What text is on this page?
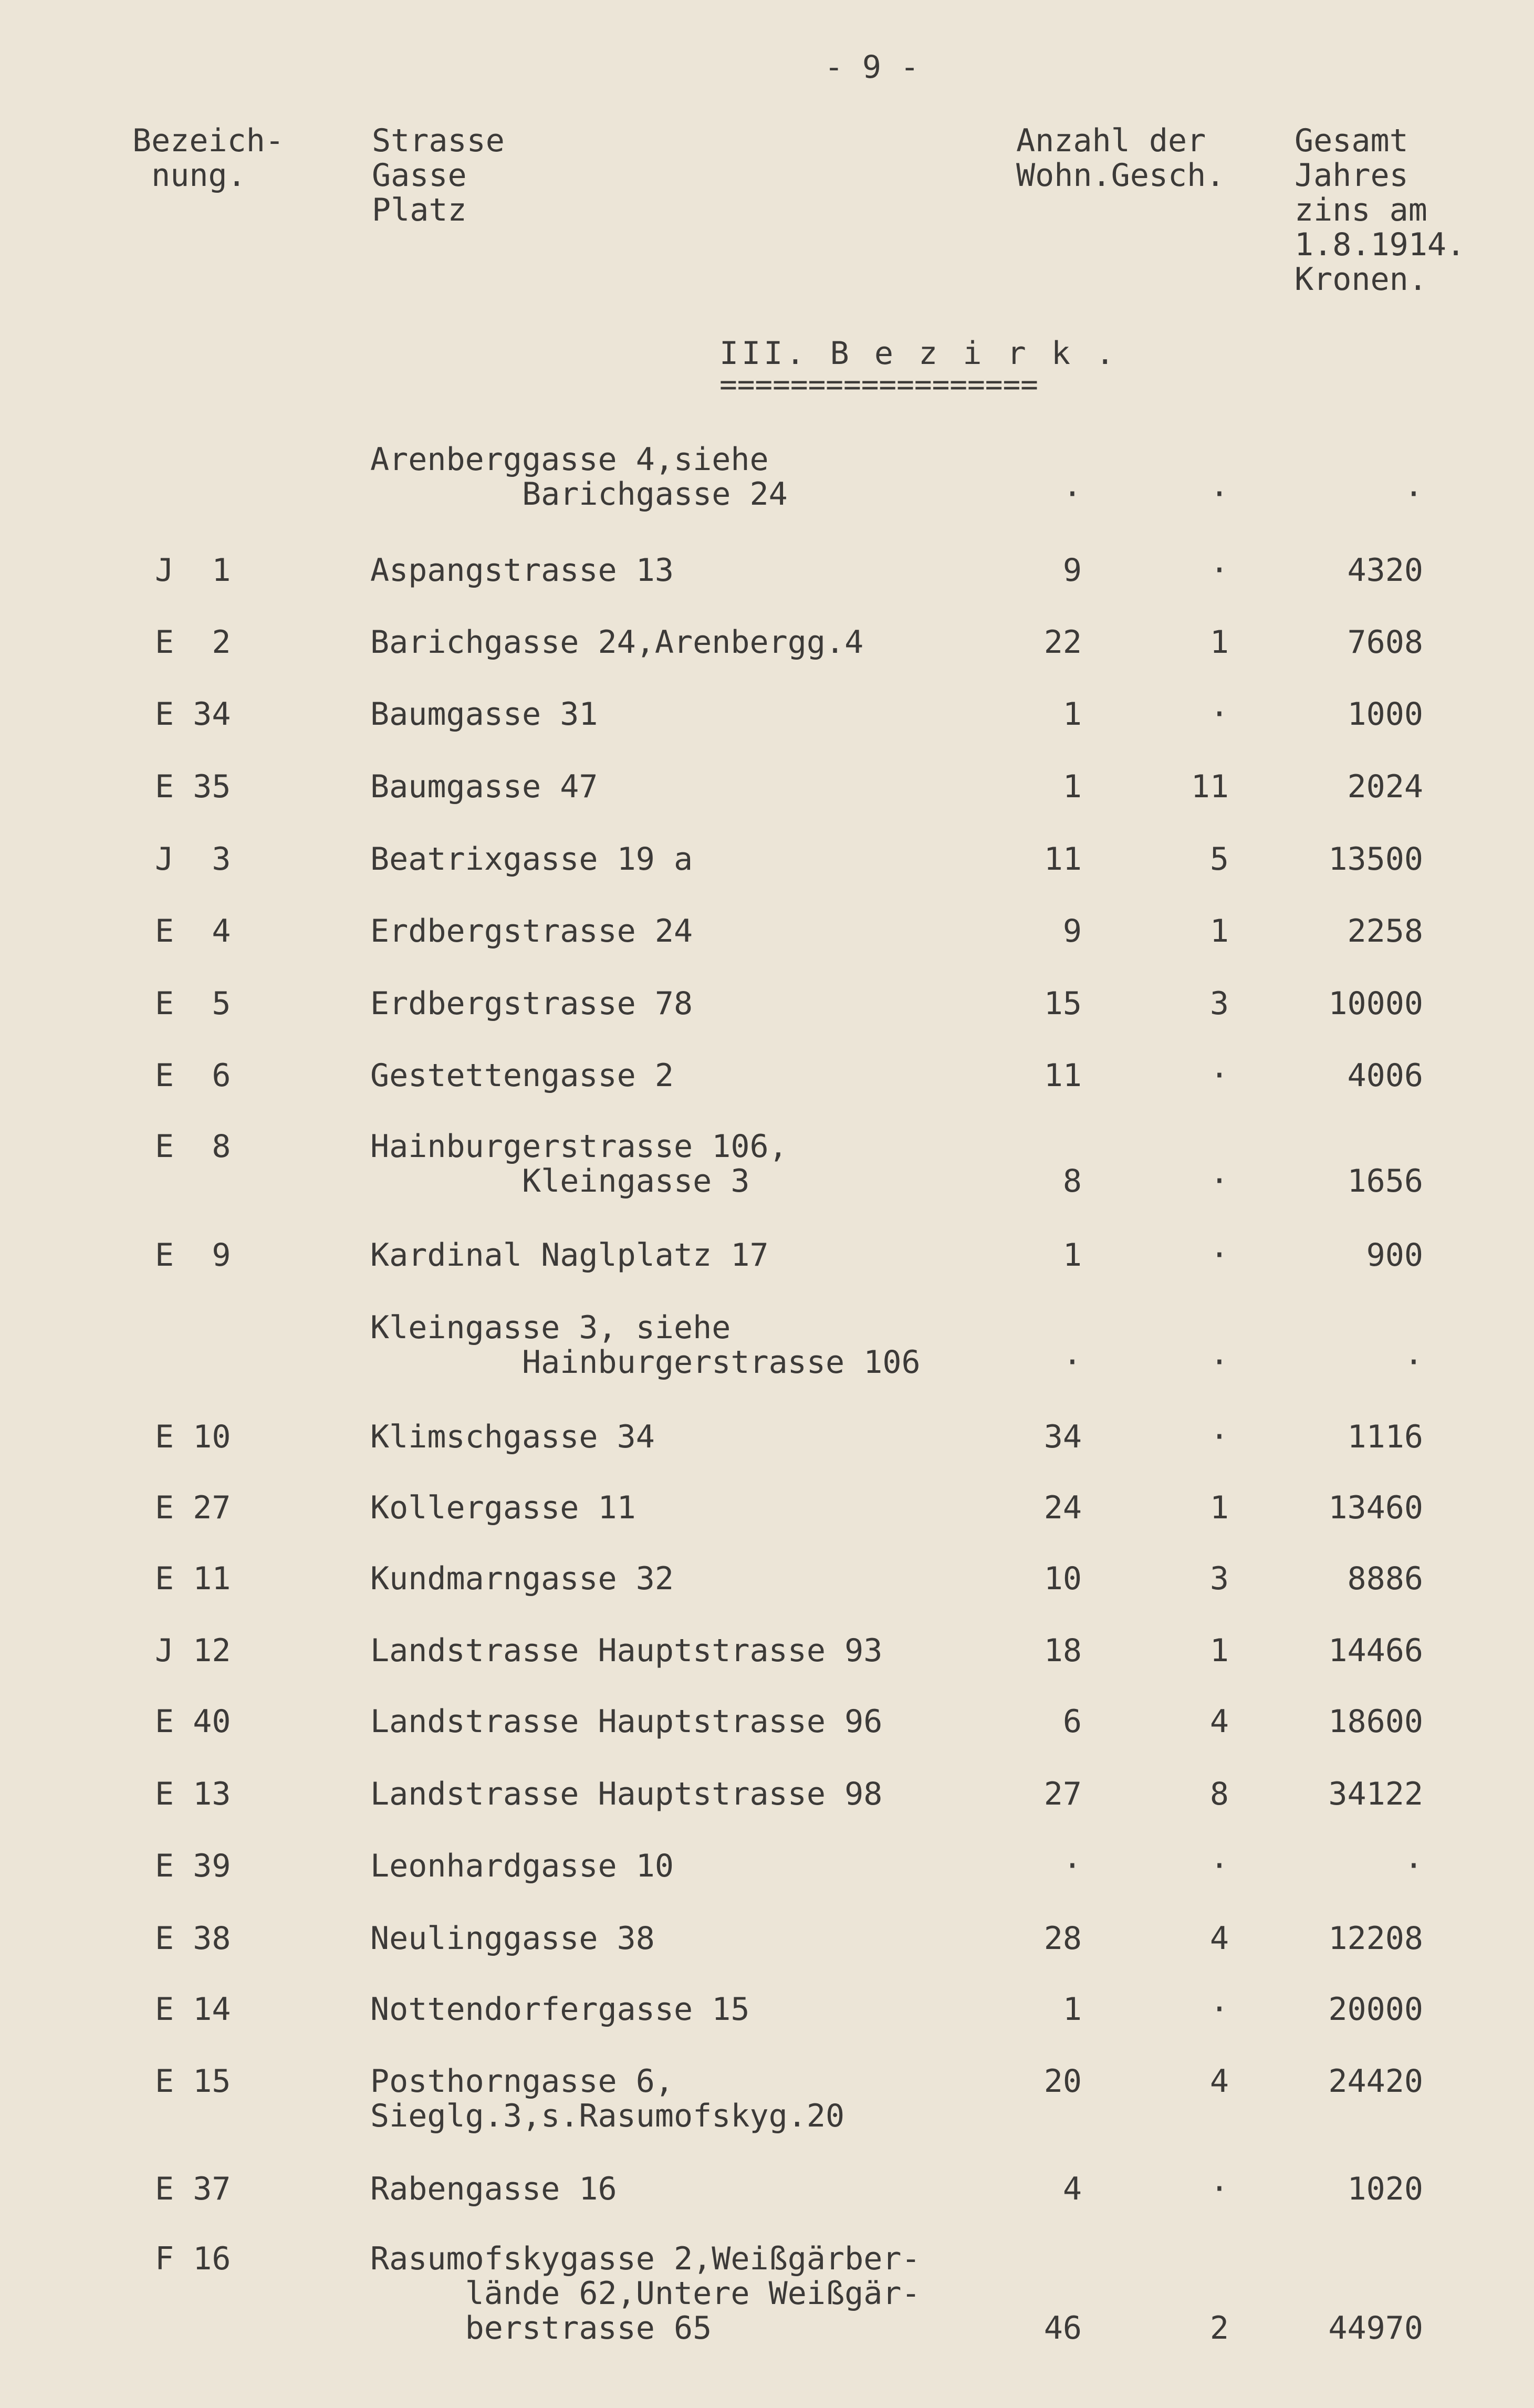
- 9 -
Bezeich-
nung.
Strasse
Gasse
Platz
Anzahl der
Wohn.Gesch.
Gesamt
Jahres
zins am
1.8.1914.
Kronen.
III. B e z i r k .
==================
Arenberggasse 4,siehe
Barichgasse 24	·	·	·
J  1	Aspangstrasse 13	9	·	4320
E  2	Barichgasse 24,Arenbergg.4	22	1	7608
E 34	Baumgasse 31	1	·	1000
E 35	Baumgasse 47	1	11	2024
J  3	Beatrixgasse 19 a	11	5	13500
E  4	Erdbergstrasse 24	9	1	2258
E  5	Erdbergstrasse 78	15	3	10000
E  6	Gestettengasse 2	11	·	4006
E  8	Hainburgerstrasse 106,
Kleingasse 3	8	·	1656
E  9	Kardinal Naglplatz 17	1	·	900
Kleingasse 3, siehe
Hainburgerstrasse 106	·	·	·
E 10	Klimschgasse 34	34	·	1116
E 27	Kollergasse 11	24	1	13460
E 11	Kundmarngasse 32	10	3	8886
J 12	Landstrasse Hauptstrasse 93	18	1	14466
E 40	Landstrasse Hauptstrasse 96	6	4	18600
E 13	Landstrasse Hauptstrasse 98	27	8	34122
E 39	Leonhardgasse 10	·	·	·
E 38	Neulinggasse 38	28	4	12208
E 14	Nottendorfergasse 15	1	·	20000
E 15	Posthorngasse 6,
Sieglg.3,s.Rasumofskyg.20
20	4	24420
E 37	Rabengasse 16	4	·	1020
F 16	Rasumofskygasse 2,Weißgärber-
lände 62,Untere Weißgär-
berstrasse 65	46	2	44970
